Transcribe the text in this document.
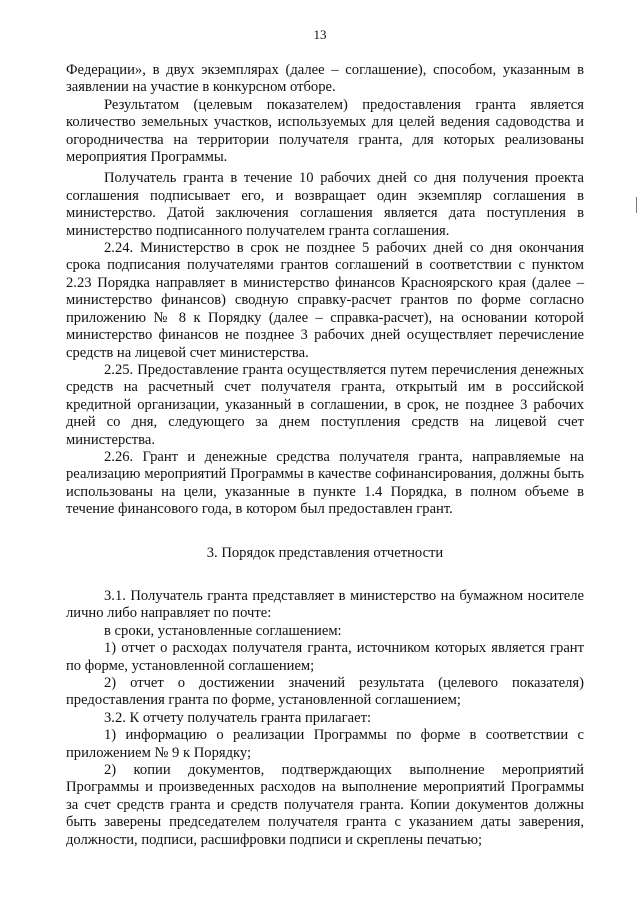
13

Федерации», в двух экземплярах (далее – соглашение), способом, указанным в заявлении на участие в конкурсном отборе.

Результатом (целевым показателем) предоставления гранта является количество земельных участков, используемых для целей ведения садоводства и огородничества на территории получателя гранта, для которых реализованы мероприятия Программы.

Получатель гранта в течение 10 рабочих дней со дня получения проекта соглашения подписывает его, и возвращает один экземпляр соглашения в министерство. Датой заключения соглашения является дата поступления в министерство подписанного получателем гранта соглашения.

2.24. Министерство в срок не позднее 5 рабочих дней со дня окончания срока подписания получателями грантов соглашений в соответствии с пунктом 2.23 Порядка направляет в министерство финансов Красноярского края (далее – министерство финансов) сводную справку-расчет грантов по форме согласно приложению № 8 к Порядку (далее – справка-расчет), на основании которой министерство финансов не позднее 3 рабочих дней осуществляет перечисление средств на лицевой счет министерства.

2.25. Предоставление гранта осуществляется путем перечисления денежных средств на расчетный счет получателя гранта, открытый им в российской кредитной организации, указанный в соглашении, в срок, не позднее 3 рабочих дней со дня, следующего за днем поступления средств на лицевой счет министерства.

2.26. Грант и денежные средства получателя гранта, направляемые на реализацию мероприятий Программы в качестве софинансирования, должны быть использованы на цели, указанные в пункте 1.4 Порядка, в полном объеме в течение финансового года, в котором был предоставлен грант.

3. Порядок представления отчетности

3.1. Получатель гранта представляет в министерство на бумажном носителе лично либо направляет по почте:

в сроки, установленные соглашением:

1) отчет о расходах получателя гранта, источником которых является грант по форме, установленной соглашением;

2) отчет о достижении значений результата (целевого показателя) предоставления гранта по форме, установленной соглашением;

3.2. К отчету получатель гранта прилагает:

1) информацию о реализации Программы по форме в соответствии с приложением № 9 к Порядку;

2) копии документов, подтверждающих выполнение мероприятий Программы и произведенных расходов на выполнение мероприятий Программы за счет средств гранта и средств получателя гранта. Копии документов должны быть заверены председателем получателя гранта с указанием даты заверения, должности, подписи, расшифровки подписи и скреплены печатью;
